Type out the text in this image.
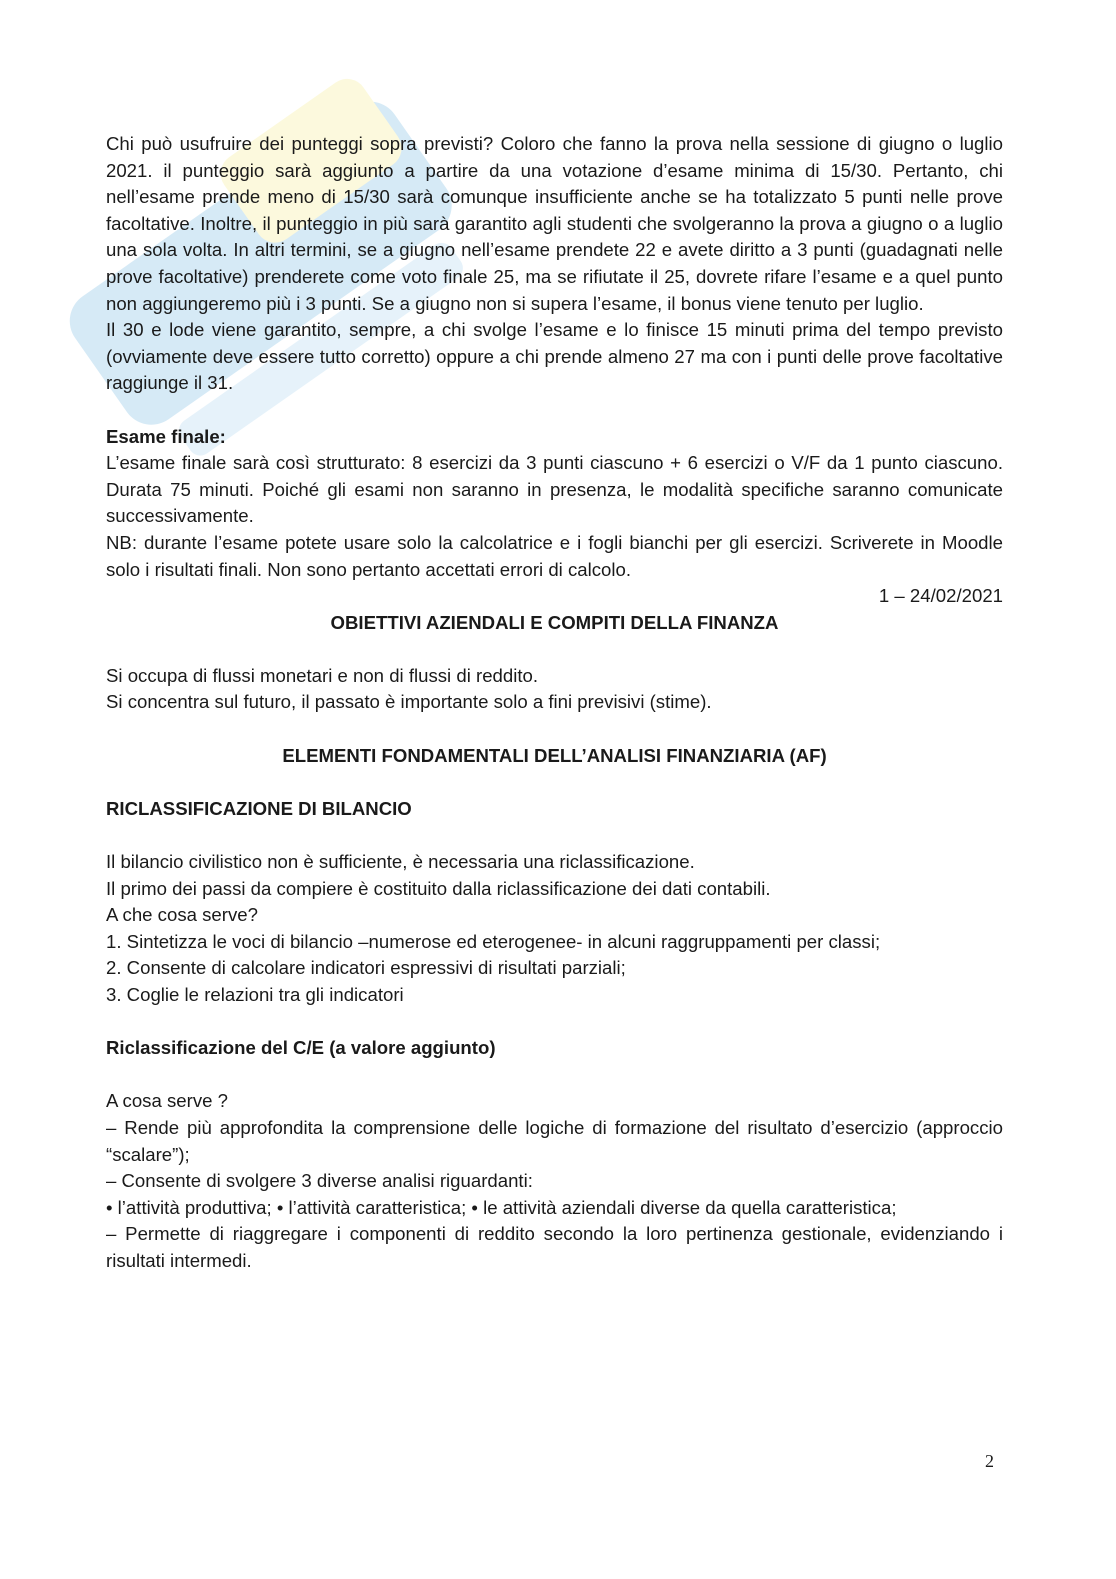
Chi può usufruire dei punteggi sopra previsti? Coloro che fanno la prova nella sessione di giugno o luglio 2021. il punteggio sarà aggiunto a partire da una votazione d’esame minima di 15/30. Pertanto, chi nell’esame prende meno di 15/30 sarà comunque insufficiente anche se ha totalizzato 5 punti nelle prove facoltative. Inoltre, il punteggio in più sarà garantito agli studenti che svolgeranno la prova a giugno o a luglio una sola volta. In altri termini, se a giugno nell’esame prendete 22 e avete diritto a 3 punti (guadagnati nelle prove facoltative) prenderete come voto finale 25, ma se rifiutate il 25, dovrete rifare l’esame e a quel punto non aggiungeremo più i 3 punti. Se a giugno non si supera l’esame, il bonus viene tenuto per luglio.

Il 30 e lode viene garantito, sempre, a chi svolge l’esame e lo finisce 15 minuti prima del tempo previsto (ovviamente deve essere tutto corretto) oppure a chi prende almeno 27 ma con i punti delle prove facoltative raggiunge il 31.

Esame finale:

L’esame finale sarà così strutturato: 8 esercizi da 3 punti ciascuno + 6 esercizi o V/F da 1 punto ciascuno. Durata 75 minuti. Poiché gli esami non saranno in presenza, le modalità specifiche saranno comunicate successivamente.

NB: durante l’esame potete usare solo la calcolatrice e i fogli bianchi per gli esercizi. Scriverete in Moodle solo i risultati finali. Non sono pertanto accettati errori di calcolo.

1 – 24/02/2021

OBIETTIVI AZIENDALI E COMPITI DELLA FINANZA

Si occupa di flussi monetari e non di flussi di reddito.

Si concentra sul futuro, il passato è importante solo a fini previsivi (stime).

ELEMENTI FONDAMENTALI DELL’ANALISI FINANZIARIA (AF)

RICLASSIFICAZIONE DI BILANCIO

Il bilancio civilistico non è sufficiente, è necessaria una riclassificazione.

Il primo dei passi da compiere è costituito dalla riclassificazione dei dati contabili.

A che cosa serve?

1. Sintetizza le voci di bilancio –numerose ed eterogenee- in alcuni raggruppamenti per classi;

2. Consente di calcolare indicatori espressivi di risultati parziali;

3. Coglie le relazioni tra gli indicatori

Riclassificazione del C/E (a valore aggiunto)

A cosa serve ?

– Rende più approfondita la comprensione delle logiche di formazione del risultato d’esercizio (approccio “scalare”);

– Consente di svolgere 3 diverse analisi riguardanti:

• l’attività produttiva; • l’attività caratteristica; • le attività aziendali diverse da quella caratteristica;

– Permette di riaggregare i componenti di reddito secondo la loro pertinenza gestionale, evidenziando i risultati intermedi.

2
